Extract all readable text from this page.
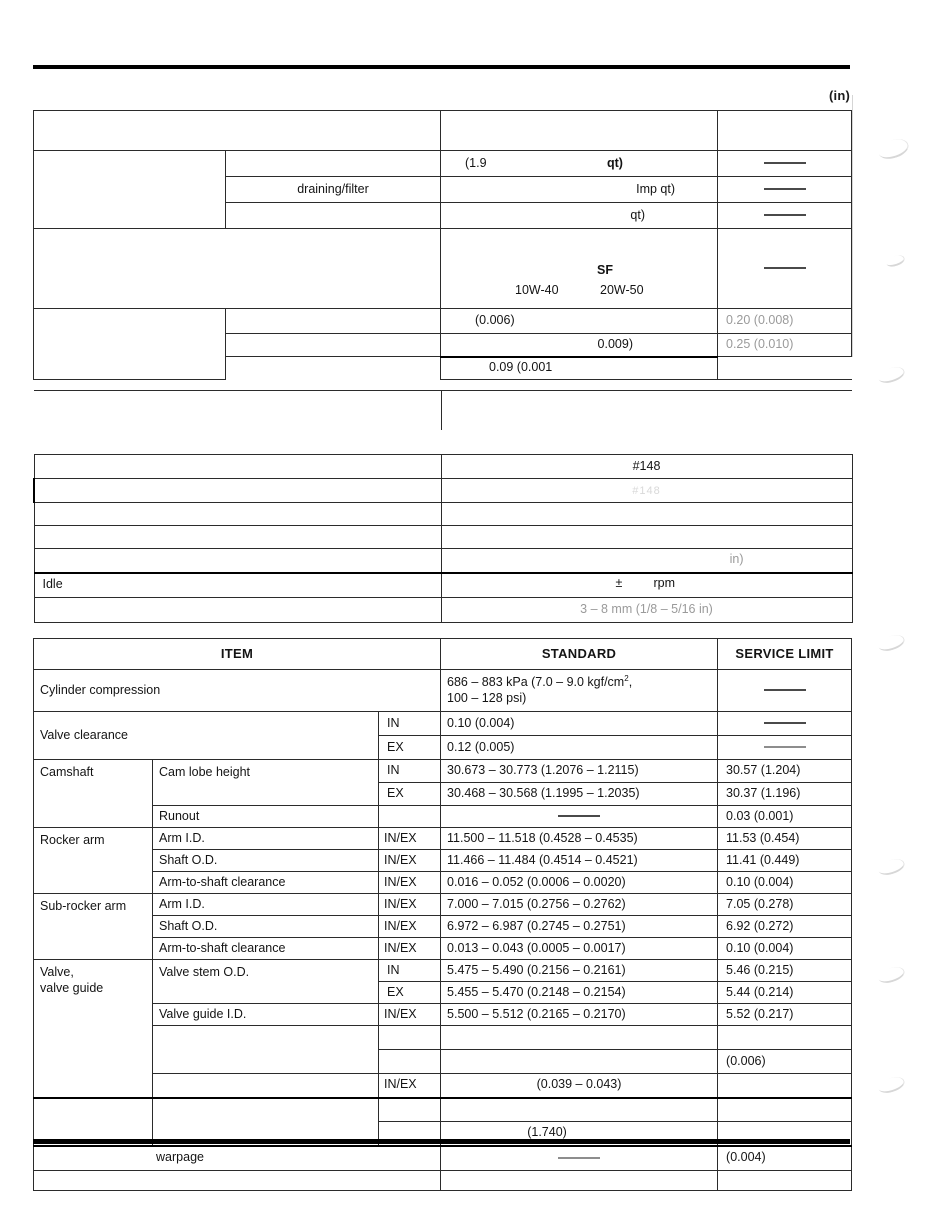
(in)

		(1.9 qt)	

	draining/filter	Imp qt)	
		qt)	

		SF
10W-40 20W-50	

		(0.006)	0.20 (0.008)
		0.009)	0.25 (0.010)
		0.09 (0.001	

	#148
	#148

	in)
Idle	± rpm

	3 – 8 mm (1/8 – 5/16 in)
ITEM			STANDARD	SERVICE LIMIT
Cylinder compression			686 – 883 kPa (7.0 – 9.0 kgf/$cm^2$,
100 – 128 psi)	

Valve clearance		IN	0.10 (0.004)	
		EX	0.12 (0.005)	
Camshaft	Cam lobe height	IN	30.673 – 30.773 (1.2076 – 1.2115)	30.57 (1.204)
		EX	30.468 – 30.568 (1.1995 – 1.2035)	30.37 (1.196)
	Runout			0.03 (0.001)
Rocker arm	Arm I.D.	IN/EX	11.500 – 11.518 (0.4528 – 0.4535)	11.53 (0.454)
	Shaft O.D.	IN/EX	11.466 – 11.484 (0.4514 – 0.4521)	11.41 (0.449)
	Arm-to-shaft clearance	IN/EX	0.016 – 0.052 (0.0006 – 0.0020)	0.10 (0.004)
Sub-rocker arm	Arm I.D.	IN/EX	7.000 – 7.015 (0.2756 – 0.2762)	7.05 (0.278)
	Shaft O.D.	IN/EX	6.972 – 6.987 (0.2745 – 0.2751)	6.92 (0.272)
	Arm-to-shaft clearance	IN/EX	0.013 – 0.043 (0.0005 – 0.0017)	0.10 (0.004)

Valve,
valve guide	Valve stem O.D.	IN	5.475 – 5.490 (0.2156 – 0.2161)	5.46 (0.215)
		EX	5.455 – 5.470 (0.2148 – 0.2154)	5.44 (0.214)
	Valve guide I.D.	IN/EX	5.500 – 5.512 (0.2165 – 0.2170)	5.52 (0.217)

				(0.006)
		IN/EX	(0.039 – 0.043)	

			(1.740)	
warpage				(0.004)
